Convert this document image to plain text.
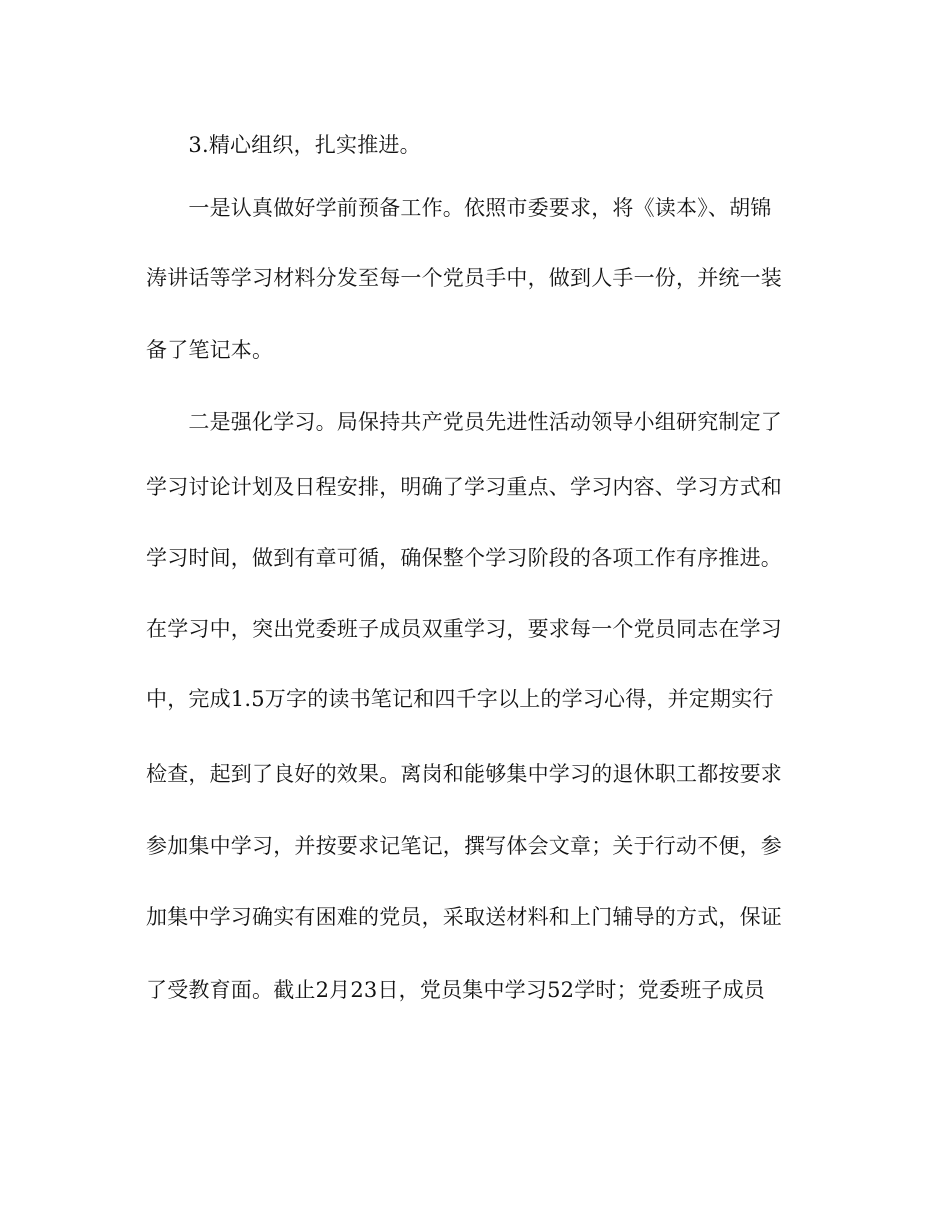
　　3.精心组织，扎实推进。
　　一是认真做好学前预备工作。依照市委要求，将《读本》、胡锦
涛讲话等学习材料分发至每一个党员手中，做到人手一份，并统一装
备了笔记本。
　　二是强化学习。局保持共产党员先进性活动领导小组研究制定了
学习讨论计划及日程安排，明确了学习重点、学习内容、学习方式和
学习时间，做到有章可循，确保整个学习阶段的各项工作有序推进。
在学习中，突出党委班子成员双重学习，要求每一个党员同志在学习
中，完成1.5万字的读书笔记和四千字以上的学习心得，并定期实行
检查，起到了良好的效果。离岗和能够集中学习的退休职工都按要求
参加集中学习，并按要求记笔记，撰写体会文章；关于行动不便，参
加集中学习确实有困难的党员，采取送材料和上门辅导的方式，保证
了受教育面。截止2月23日，党员集中学习52学时；党委班子成员
